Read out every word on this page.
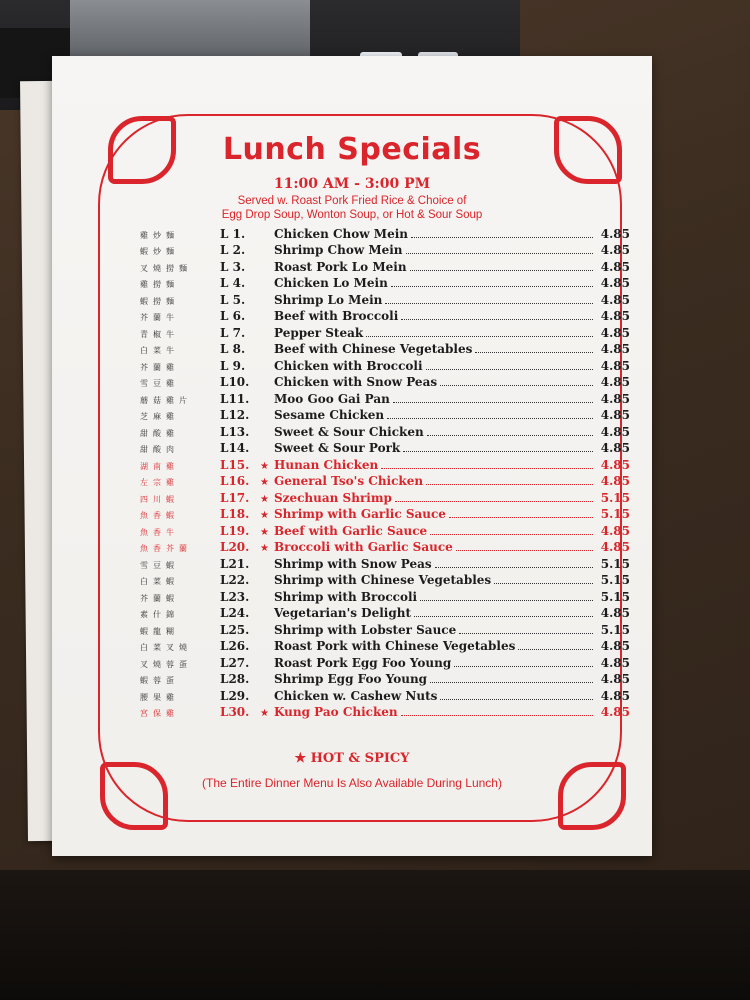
Lunch Specials
11:00 AM - 3:00 PM
Served w. Roast Pork Fried Rice & Choice of
Egg Drop Soup, Wonton Soup, or Hot & Sour Soup
雞炒麵	L 1.	Chicken Chow Mein	4.85
蝦炒麵	L 2.	Shrimp Chow Mein	4.85
叉燒撈麵	L 3.	Roast Pork Lo Mein	4.85
雞撈麵	L 4.	Chicken Lo Mein	4.85
蝦撈麵	L 5.	Shrimp Lo Mein	4.85
芥蘭牛	L 6.	Beef with Broccoli	4.85
青椒牛	L 7.	Pepper Steak	4.85
白菜牛	L 8.	Beef with Chinese Vegetables	4.85
芥蘭雞	L 9.	Chicken with Broccoli	4.85
雪豆雞	L10.	Chicken with Snow Peas	4.85
蘑菇雞片	L11.	Moo Goo Gai Pan	4.85
芝麻雞	L12.	Sesame Chicken	4.85
甜酸雞	L13.	Sweet & Sour Chicken	4.85
甜酸肉	L14.	Sweet & Sour Pork	4.85
湖南雞	L15.	★ Hunan Chicken	4.85
左宗雞	L16.	★ General Tso's Chicken	4.85
四川蝦	L17.	★ Szechuan Shrimp	5.15
魚香蝦	L18.	★ Shrimp with Garlic Sauce	5.15
魚香牛	L19.	★ Beef with Garlic Sauce	4.85
魚香芥蘭	L20.	★ Broccoli with Garlic Sauce	4.85
雪豆蝦	L21.	Shrimp with Snow Peas	5.15
白菜蝦	L22.	Shrimp with Chinese Vegetables	5.15
芥蘭蝦	L23.	Shrimp with Broccoli	5.15
素什錦	L24.	Vegetarian's Delight	4.85
蝦龍糊	L25.	Shrimp with Lobster Sauce	5.15
白菜叉燒	L26.	Roast Pork with Chinese Vegetables	4.85
叉燒蓉蛋	L27.	Roast Pork Egg Foo Young	4.85
蝦蓉蛋	L28.	Shrimp Egg Foo Young	4.85
腰果雞	L29.	Chicken w. Cashew Nuts	4.85
宮保雞	L30.	★ Kung Pao Chicken	4.85
★ HOT & SPICY
(The Entire Dinner Menu Is Also Available During Lunch)
